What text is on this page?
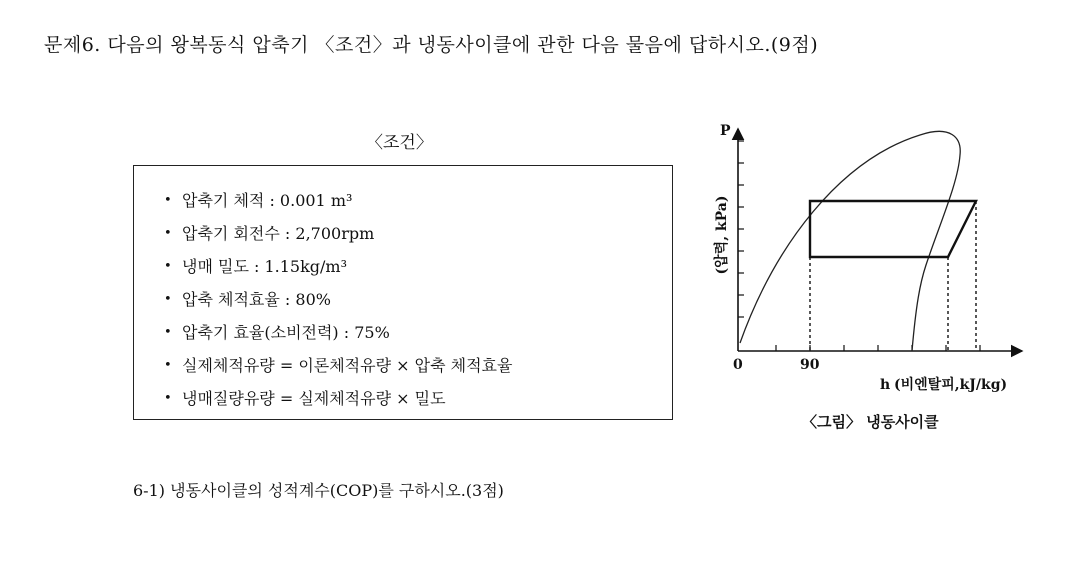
문제6. 다음의 왕복동식 압축기 〈조건〉과 냉동사이클에 관한 다음 물음에 답하시오.(9점)
〈조건〉
• 압축기 체적 : 0.001 m³
• 압축기 회전수 : 2,700rpm
• 냉매 밀도 : 1.15kg/m³
• 압축 체적효율 : 80%
• 압축기 효율(소비전력) : 75%
• 실제체적유량 = 이론체적유량 × 압축 체적효율
• 냉매질량유량 = 실제체적유량 × 밀도
P
(압력, kPa)
0	90
h (비엔탈피,kJ/kg)
〈그림〉 냉동사이클
6-1) 냉동사이클의 성적계수(COP)를 구하시오.(3점)
